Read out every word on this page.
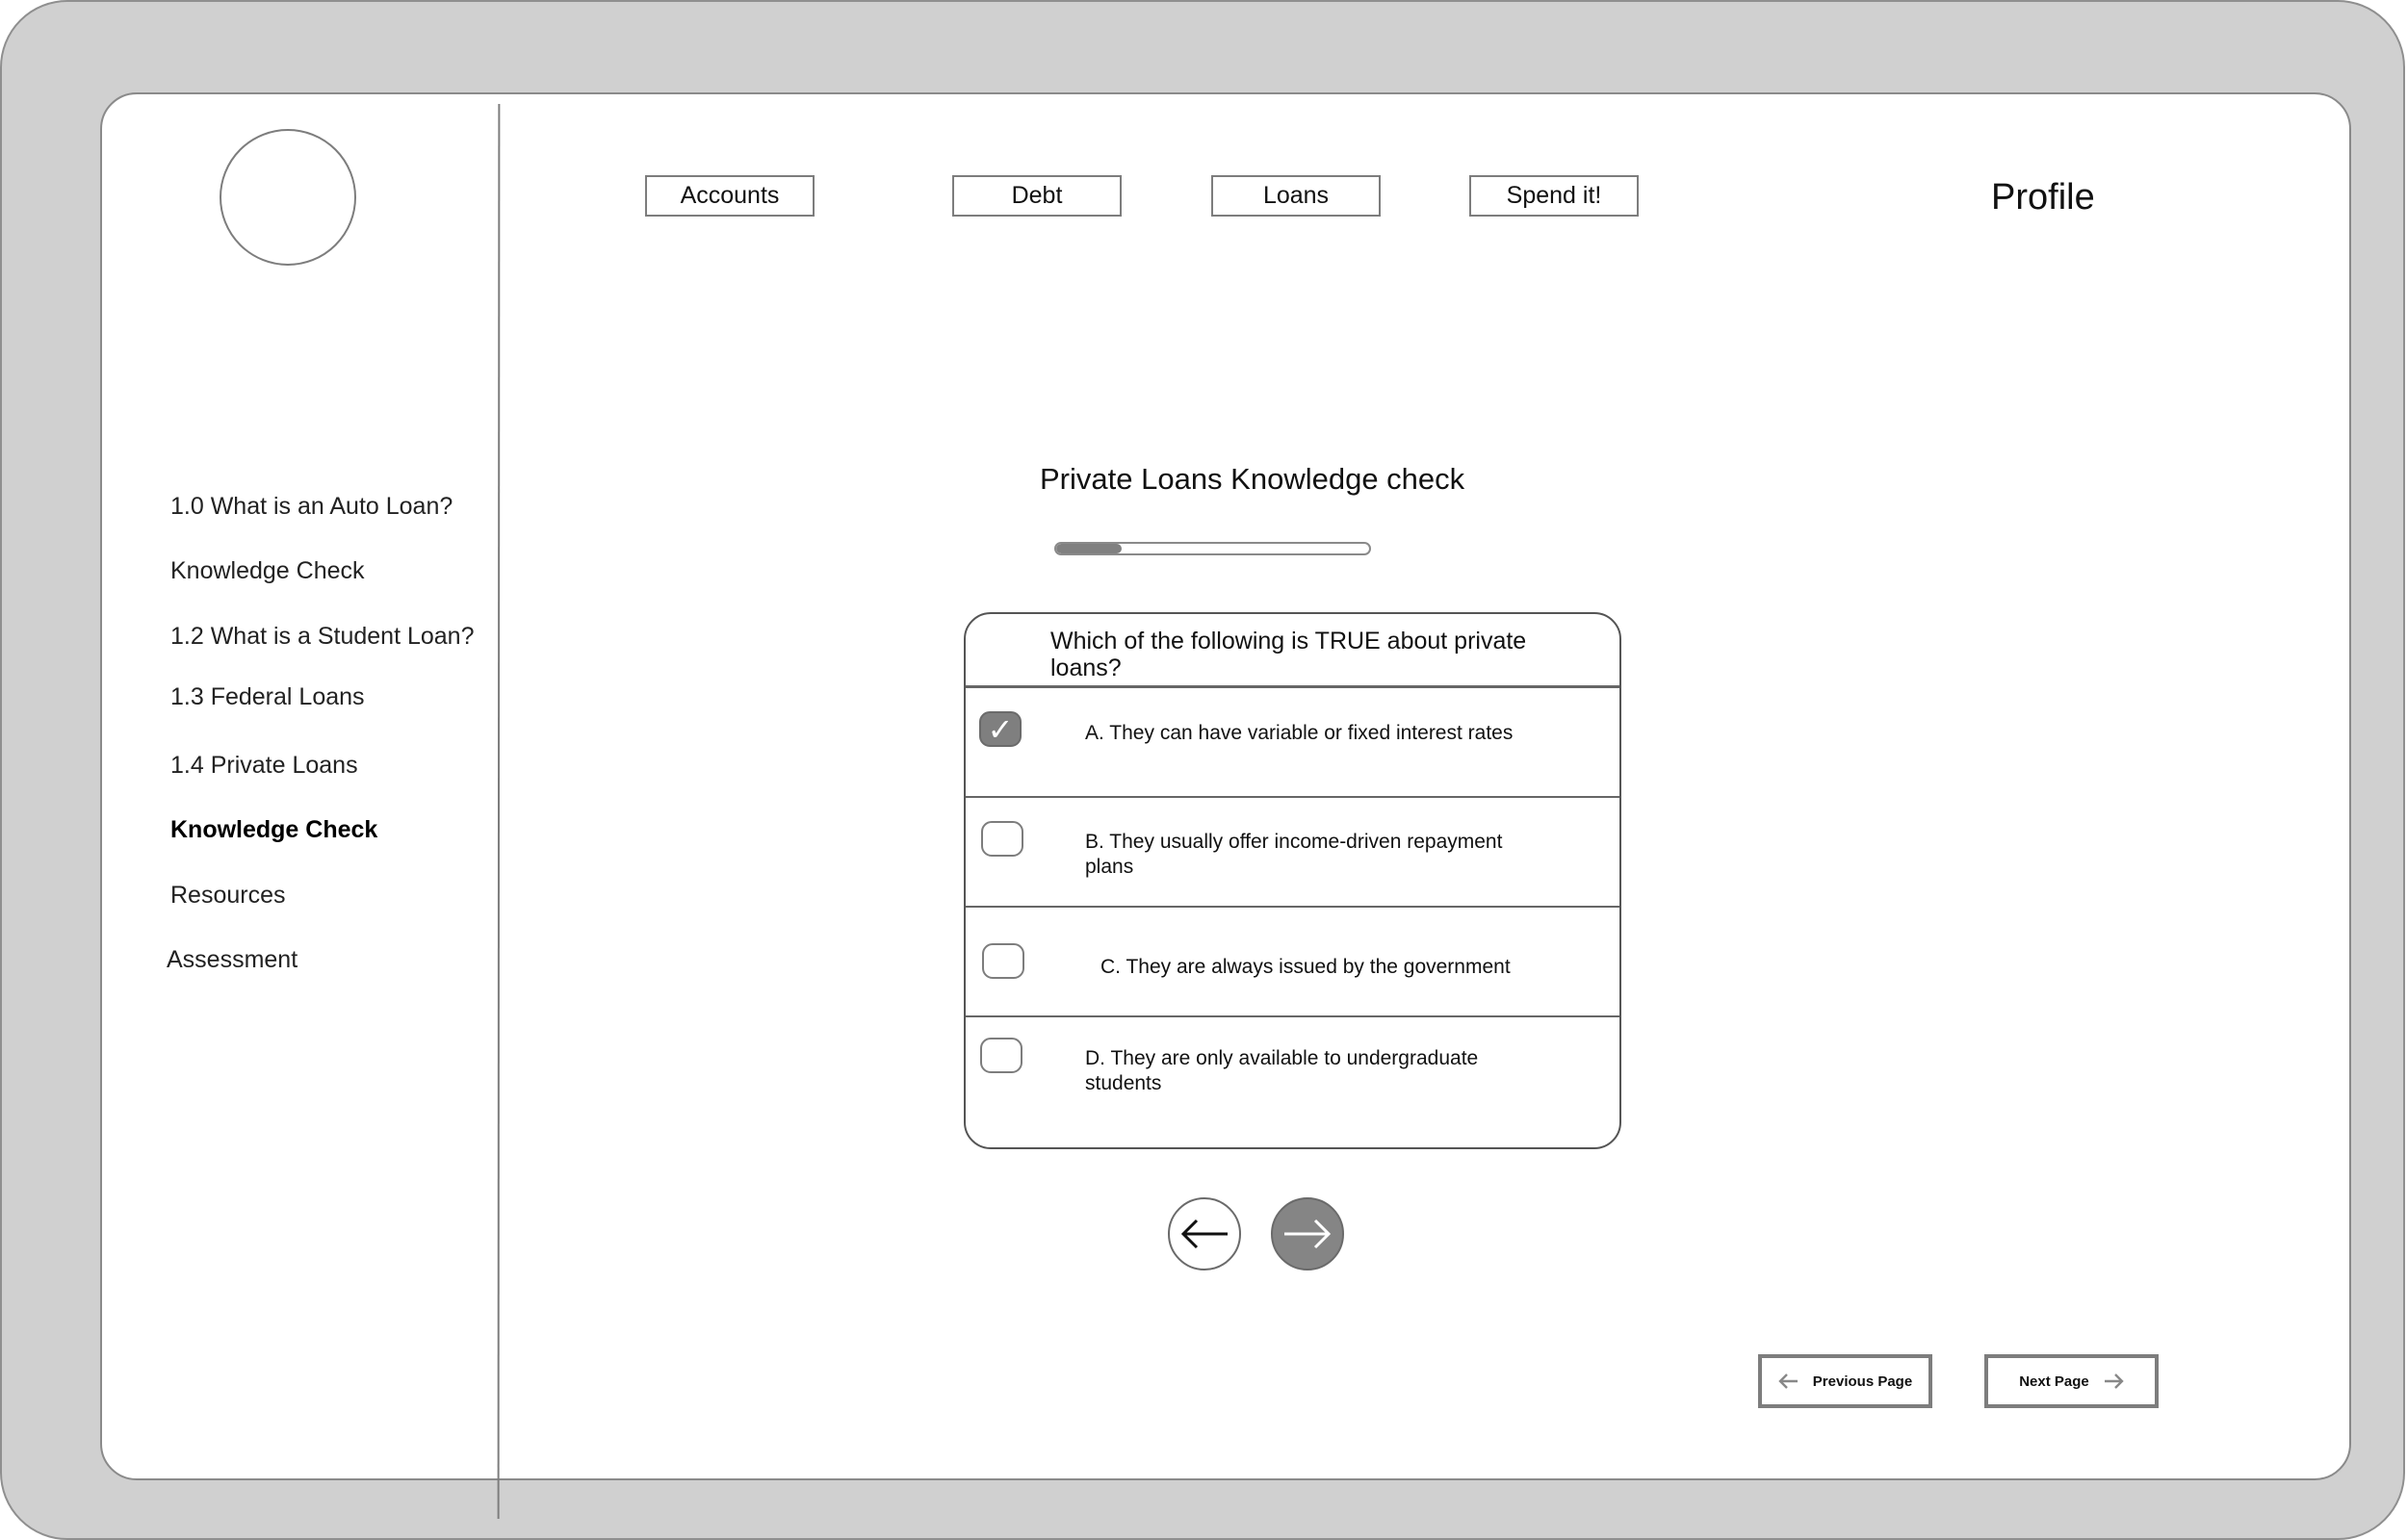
1.0 What is an Auto Loan?
Knowledge Check
1.2 What is a Student Loan?
1.3 Federal Loans
1.4 Private Loans
Knowledge Check
Resources
Assessment
Accounts	Debt	Loans	Spend it!	Profile
Private Loans Knowledge check
Which of the following is TRUE about private loans?
✓	A. They can have variable or fixed interest rates
B. They usually offer income-driven repayment plans
C. They are always issued by the government
D. They are only available to undergraduate students
Previous Page	Next Page
